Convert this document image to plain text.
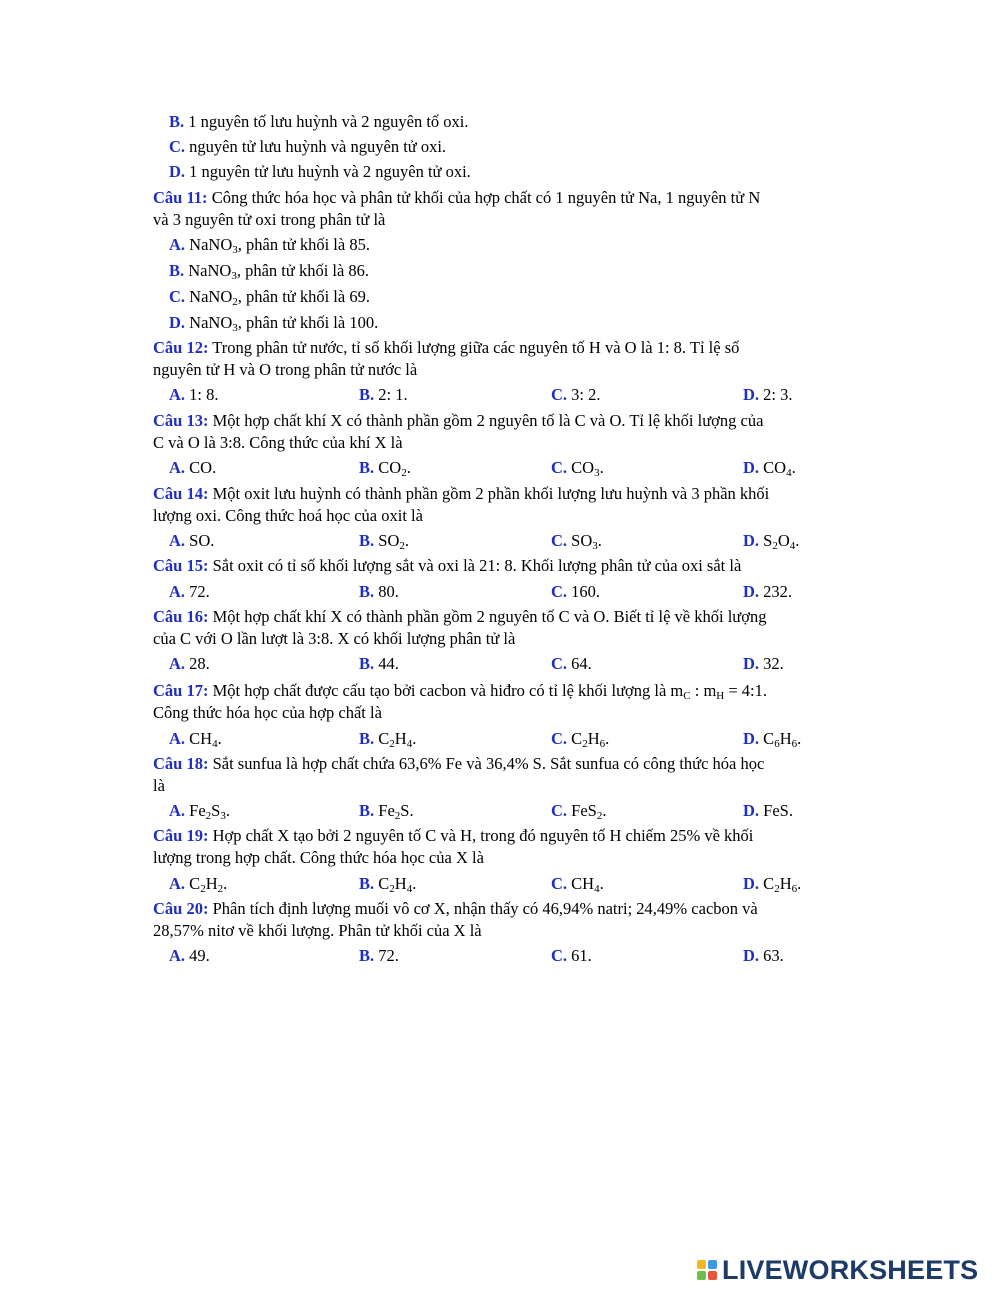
B. 1 nguyên tố lưu huỳnh và 2 nguyên tố oxi.
C. nguyên tử lưu huỳnh và nguyên tử oxi.
D. 1 nguyên tử lưu huỳnh và 2 nguyên tử oxi.
Câu 11: Công thức hóa học và phân tử khối của hợp chất có 1 nguyên tử Na, 1 nguyên tử N
và 3 nguyên tử oxi trong phân tử là
A. NaNO$_3$, phân tử khối là 85.
B. NaNO$_3$, phân tử khối là 86.
C. NaNO$_2$, phân tử khối là 69.
D. NaNO$_3$, phân tử khối là 100.
Câu 12: Trong phân tử nước, tỉ số khối lượng giữa các nguyên tố H và O là 1: 8. Tỉ lệ số
nguyên tử H và O trong phân tử nước là
A. 1: 8.	B. 2: 1.	C. 3: 2.	D. 2: 3.
Câu 13: Một hợp chất khí X có thành phần gồm 2 nguyên tố là C và O. Tỉ lệ khối lượng của
C và O là 3:8. Công thức của khí X là
A. CO.	B. $CO_2$.	C. $CO_3$.	D. $CO_4$.
Câu 14: Một oxit lưu huỳnh có thành phần gồm 2 phần khối lượng lưu huỳnh và 3 phần khối
lượng oxi. Công thức hoá học của oxit là
A. SO.	B. $SO_2$.	C. $SO_3$.	D. $S_2O_4$.
Câu 15: Sắt oxit có tỉ số khối lượng sắt và oxi là 21: 8. Khối lượng phân tử của oxi sắt là
A. 72.	B. 80.	C. 160.	D. 232.
Câu 16: Một hợp chất khí X có thành phần gồm 2 nguyên tố C và O. Biết tỉ lệ về khối lượng
của C với O lần lượt là 3:8. X có khối lượng phân tử là
A. 28.	B. 44.	C. 64.	D. 32.
Câu 17: Một hợp chất được cấu tạo bởi cacbon và hiđro có tỉ lệ khối lượng là $m_C$ : $m_H$ = 4:1.
Công thức hóa học của hợp chất là
A. $CH_4$.	B. $C_2H_4$.	C. $C_2H_6$.	D. $C_6H_6$.
Câu 18: Sắt sunfua là hợp chất chứa 63,6% Fe và 36,4% S. Sắt sunfua có công thức hóa học
là
A. $Fe_2S_3$.	B. $Fe_2S$.	C. FeS$_2$.	D. FeS.
Câu 19: Hợp chất X tạo bởi 2 nguyên tố C và H, trong đó nguyên tố H chiếm 25% về khối
lượng trong hợp chất. Công thức hóa học của X là
A. $C_2H_2$.	B. $C_2H_4$.	C. $CH_4$.	D. $C_2H_6$.
Câu 20: Phân tích định lượng muối vô cơ X, nhận thấy có 46,94% natri; 24,49% cacbon và
28,57% nitơ về khối lượng. Phân tử khối của X là
A. 49.	B. 72.	C. 61.	D. 63.
LIVEWORKSHEETS
